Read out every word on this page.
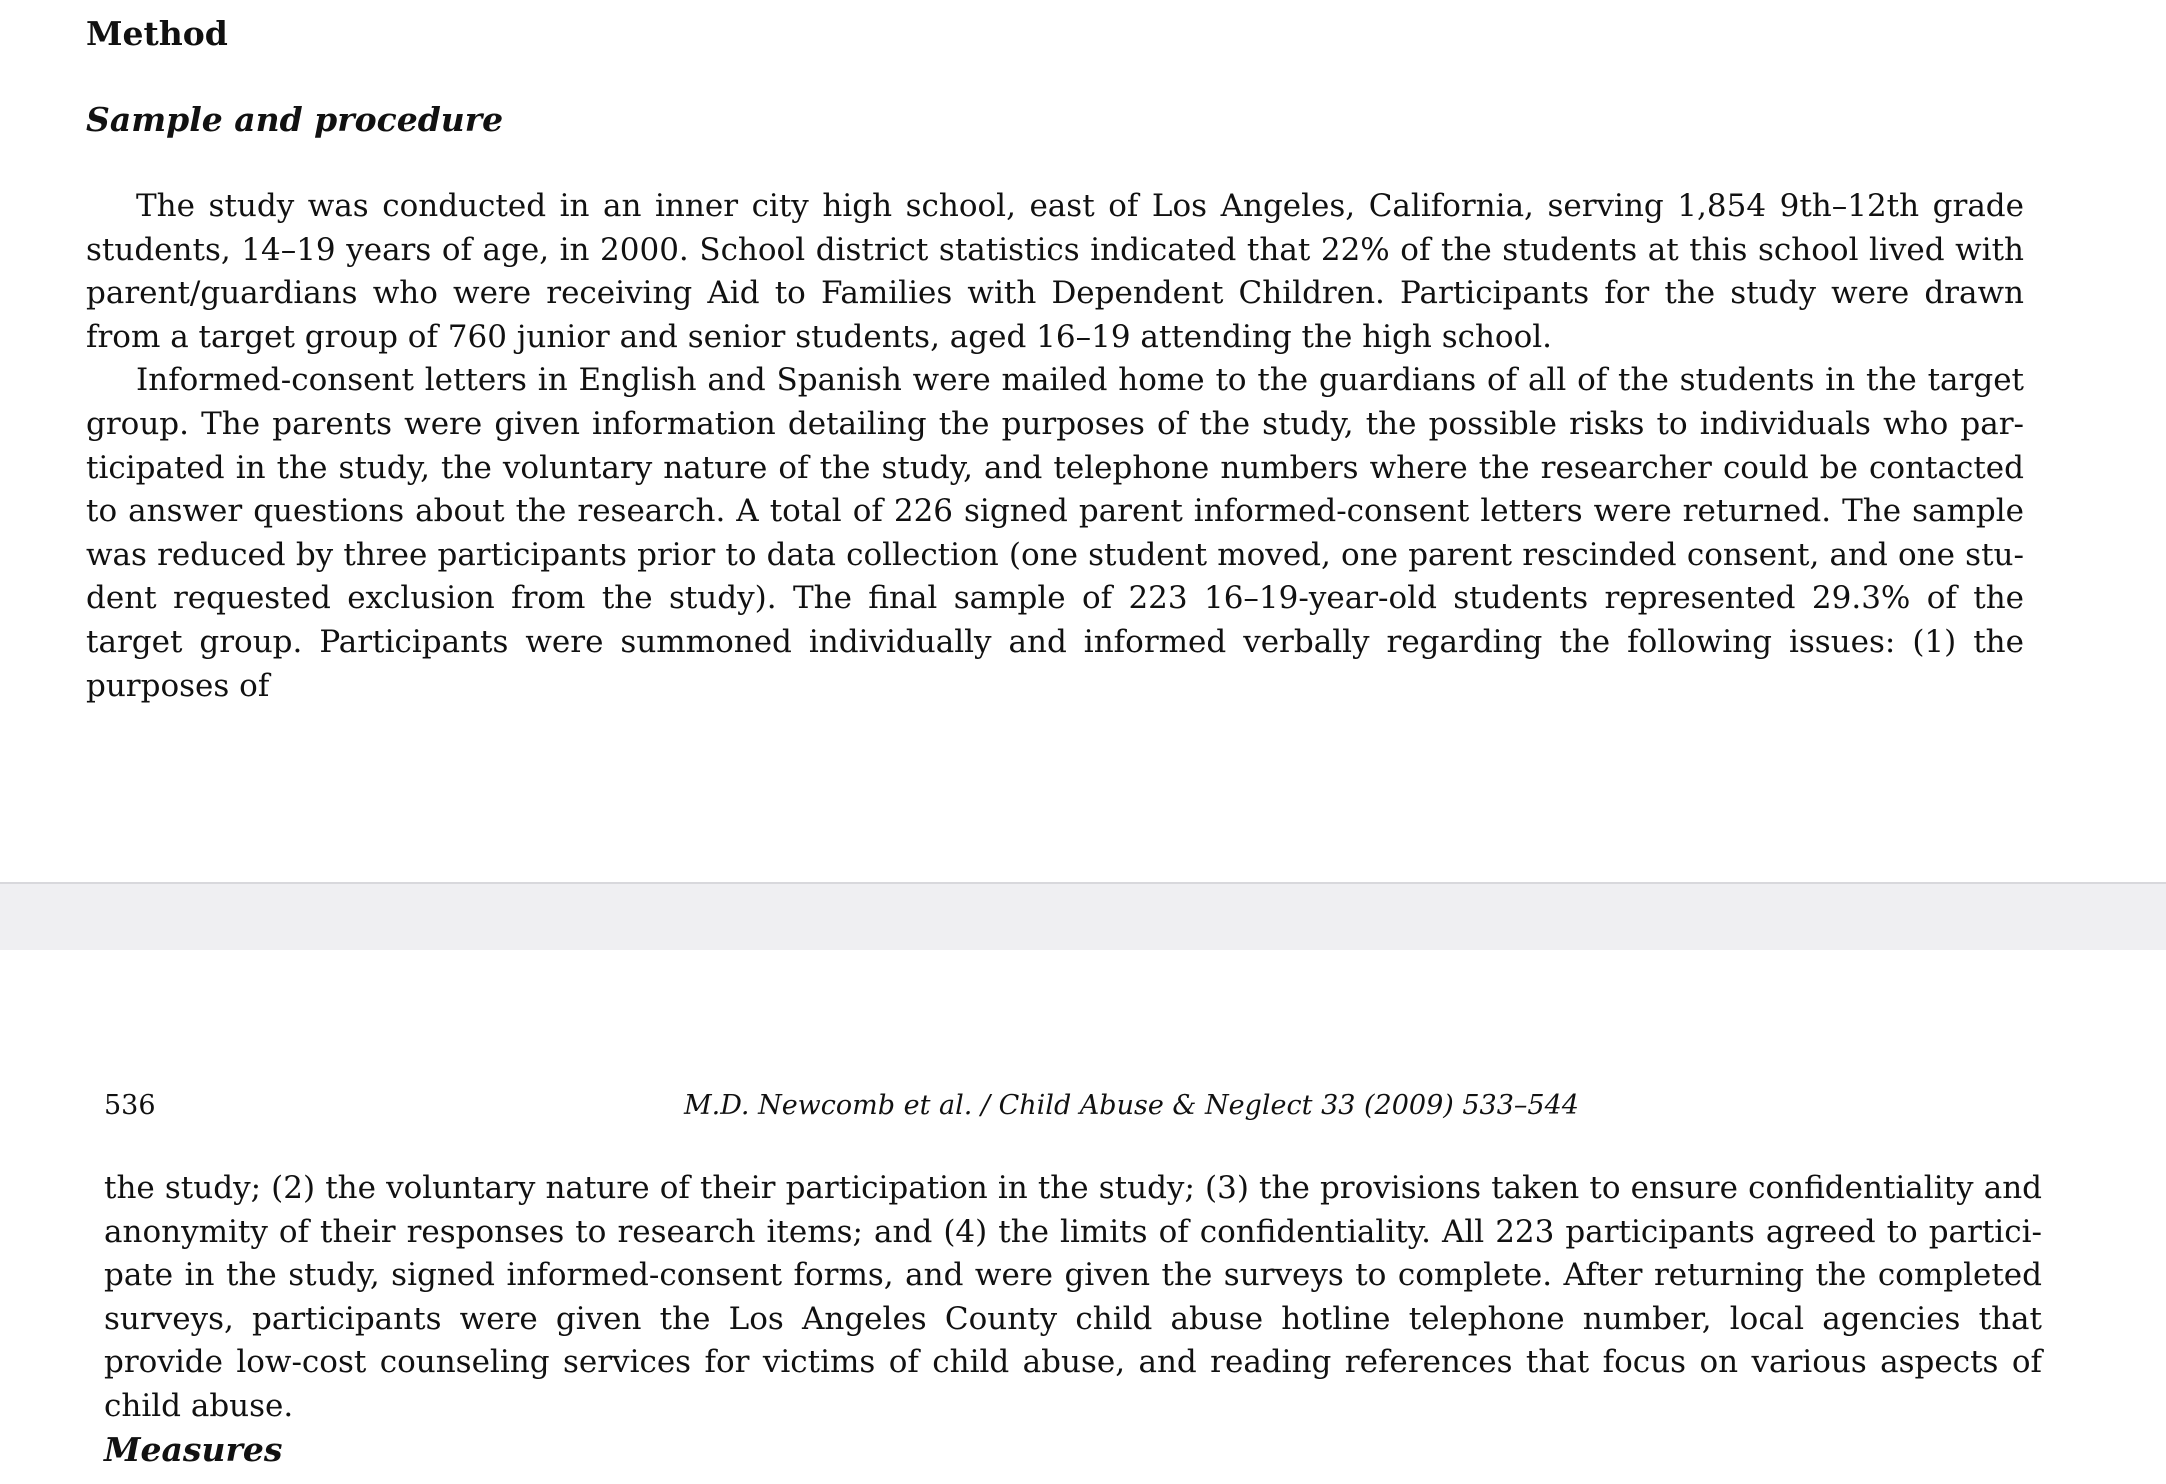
Method
Sample and procedure

The study was conducted in an inner city high school, east of Los Angeles, California, serving 1,854 9th–12th grade students, 14–19 years of age, in 2000. School district statistics indicated that 22% of the students at this school lived with parent/guardians who were receiving Aid to Families with Dependent Children. Participants for the study were drawn from a target group of 760 junior and senior students, aged 16–19 attending the high school.

Informed-consent letters in English and Spanish were mailed home to the guardians of all of the students in the target group. The parents were given information detailing the purposes of the study, the possible risks to individuals who participated in the study, the voluntary nature of the study, and telephone numbers where the researcher could be contacted to answer questions about the research. A total of 226 signed parent informed-consent letters were returned. The sample was reduced by three participants prior to data collection (one student moved, one parent rescinded consent, and one student requested exclusion from the study). The final sample of 223 16–19-year-old students represented 29.3% of the target group. Participants were summoned individually and informed verbally regarding the following issues: (1) the purposes of

536	M.D. Newcomb et al. / Child Abuse & Neglect 33 (2009) 533–544

the study; (2) the voluntary nature of their participation in the study; (3) the provisions taken to ensure confidentiality and anonymity of their responses to research items; and (4) the limits of confidentiality. All 223 participants agreed to participate in the study, signed informed-consent forms, and were given the surveys to complete. After returning the completed surveys, participants were given the Los Angeles County child abuse hotline telephone number, local agencies that provide low-cost counseling services for victims of child abuse, and reading references that focus on various aspects of child abuse.

Measures
